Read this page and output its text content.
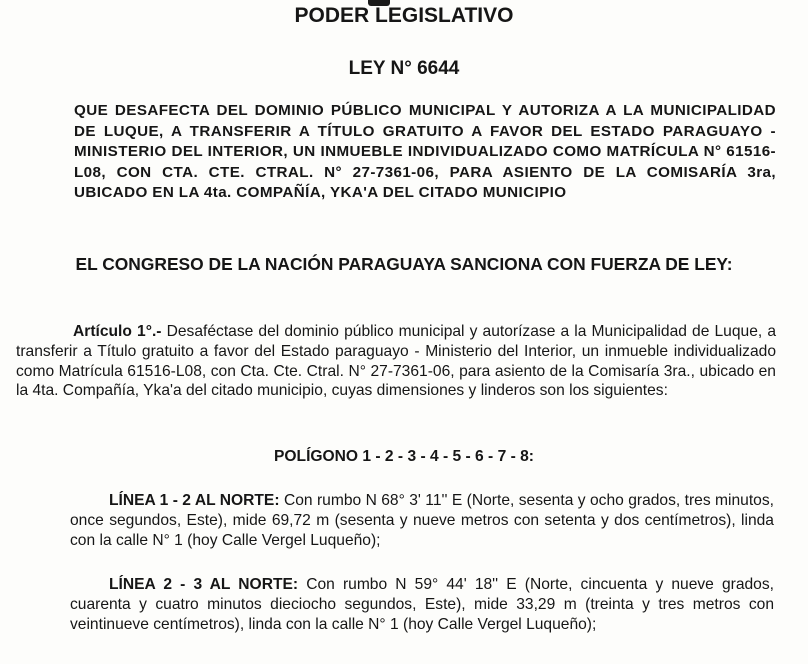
PODER LEGISLATIVO
LEY N° 6644
QUE DESAFECTA DEL DOMINIO PÚBLICO MUNICIPAL Y AUTORIZA A LA MUNICIPALIDAD DE LUQUE, A TRANSFERIR A TÍTULO GRATUITO A FAVOR DEL ESTADO PARAGUAYO - MINISTERIO DEL INTERIOR, UN INMUEBLE INDIVIDUALIZADO COMO MATRÍCULA N° 61516-L08, CON CTA. CTE. CTRAL. N° 27-7361-06, PARA ASIENTO DE LA COMISARÍA 3ra, UBICADO EN LA 4ta. COMPAÑÍA, YKA'A DEL CITADO MUNICIPIO
EL CONGRESO DE LA NACIÓN PARAGUAYA SANCIONA CON FUERZA DE LEY:
Artículo 1°.- Desaféctase del dominio público municipal y autorízase a la Municipalidad de Luque, a transferir a Título gratuito a favor del Estado paraguayo - Ministerio del Interior, un inmueble individualizado como Matrícula 61516-L08, con Cta. Cte. Ctral. N° 27-7361-06, para asiento de la Comisaría 3ra., ubicado en la 4ta. Compañía, Yka'a del citado municipio, cuyas dimensiones y linderos son los siguientes:
POLÍGONO 1 - 2 - 3 - 4 - 5 - 6 - 7 - 8:
LÍNEA 1 - 2 AL NORTE: Con rumbo N 68° 3' 11'' E (Norte, sesenta y ocho grados, tres minutos, once segundos, Este), mide 69,72 m (sesenta y nueve metros con setenta y dos centímetros), linda con la calle N° 1 (hoy Calle Vergel Luqueño);
LÍNEA 2 - 3 AL NORTE: Con rumbo N 59° 44' 18'' E (Norte, cincuenta y nueve grados, cuarenta y cuatro minutos dieciocho segundos, Este), mide 33,29 m (treinta y tres metros con veintinueve centímetros), linda con la calle N° 1 (hoy Calle Vergel Luqueño);
